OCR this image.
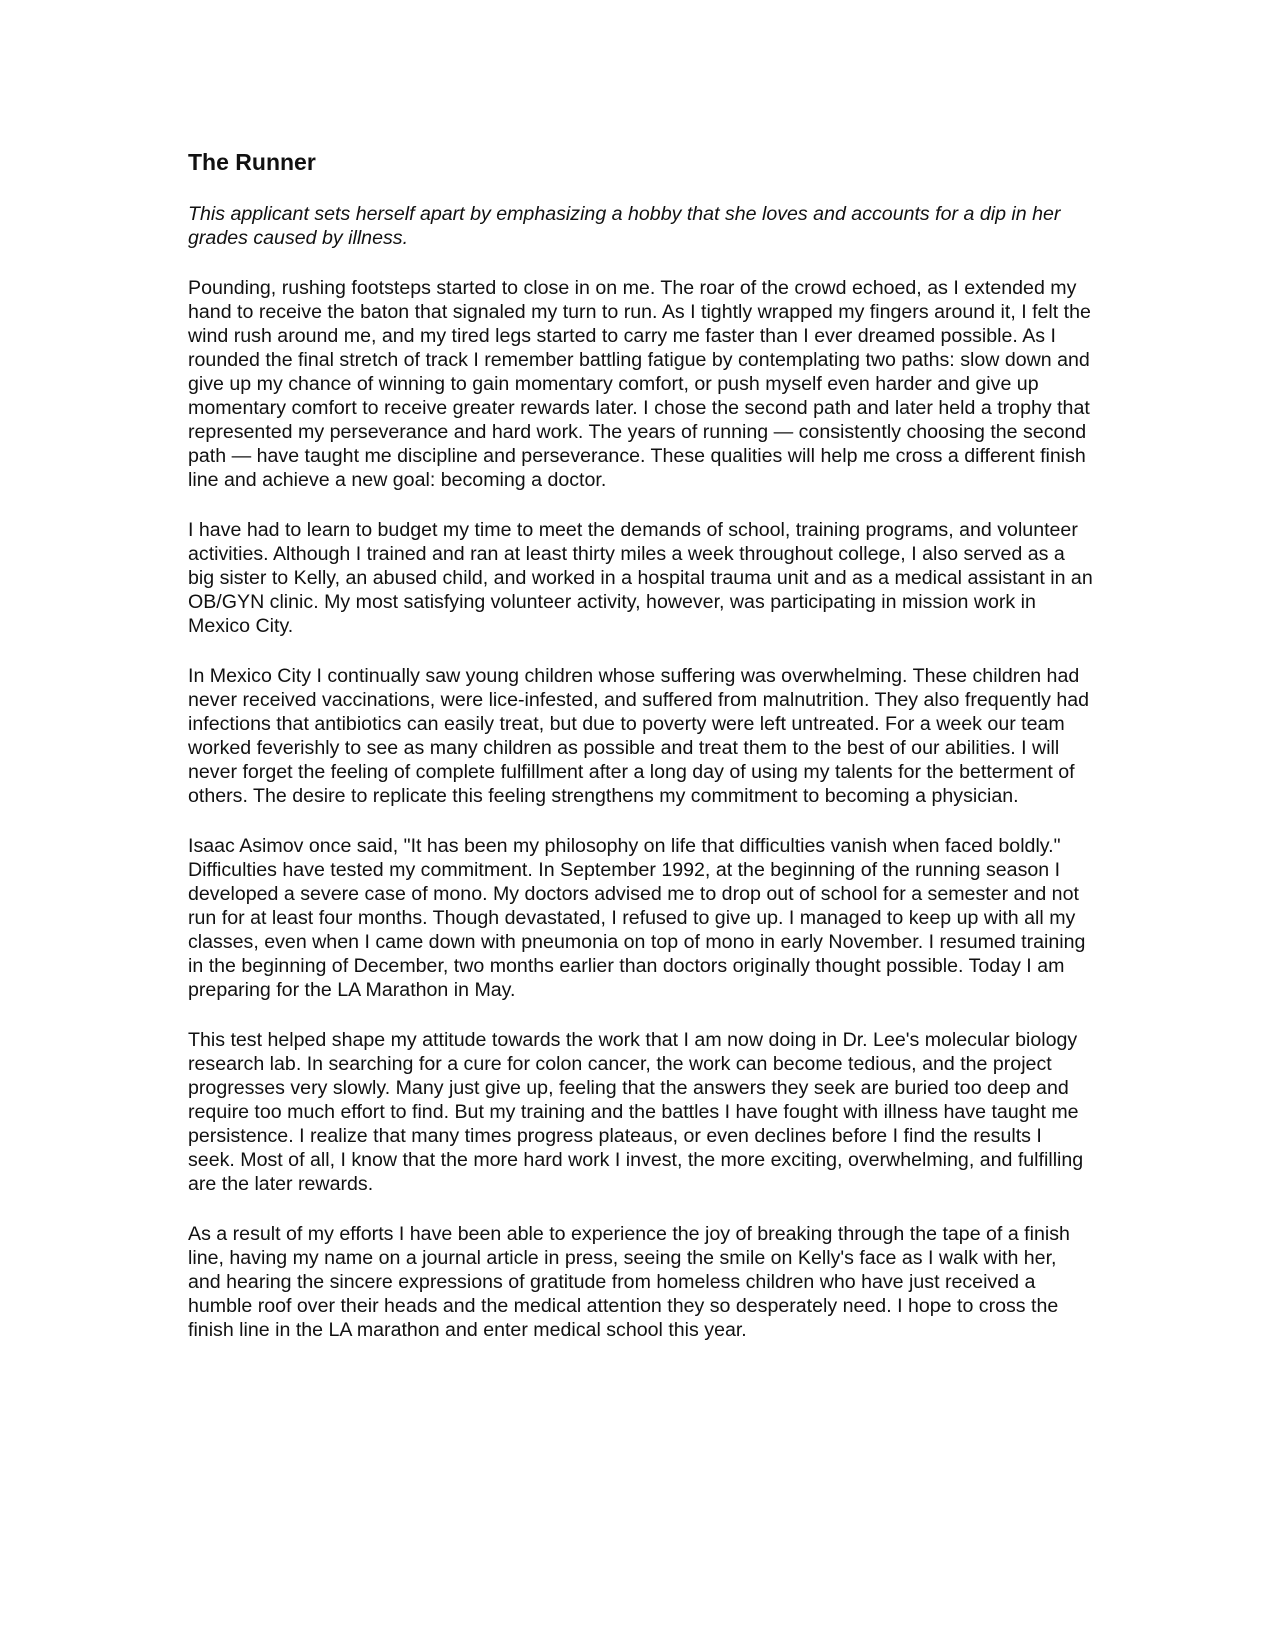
The Runner

This applicant sets herself apart by emphasizing a hobby that she loves and accounts for a dip in her grades caused by illness.

Pounding, rushing footsteps started to close in on me. The roar of the crowd echoed, as I extended my hand to receive the baton that signaled my turn to run. As I tightly wrapped my fingers around it, I felt the wind rush around me, and my tired legs started to carry me faster than I ever dreamed possible. As I rounded the final stretch of track I remember battling fatigue by contemplating two paths: slow down and give up my chance of winning to gain momentary comfort, or push myself even harder and give up momentary comfort to receive greater rewards later. I chose the second path and later held a trophy that represented my perseverance and hard work. The years of running — consistently choosing the second path — have taught me discipline and perseverance. These qualities will help me cross a different finish line and achieve a new goal: becoming a doctor.

I have had to learn to budget my time to meet the demands of school, training programs, and volunteer activities. Although I trained and ran at least thirty miles a week throughout college, I also served as a big sister to Kelly, an abused child, and worked in a hospital trauma unit and as a medical assistant in an OB/GYN clinic. My most satisfying volunteer activity, however, was participating in mission work in Mexico City.

In Mexico City I continually saw young children whose suffering was overwhelming. These children had never received vaccinations, were lice-infested, and suffered from malnutrition. They also frequently had infections that antibiotics can easily treat, but due to poverty were left untreated. For a week our team worked feverishly to see as many children as possible and treat them to the best of our abilities. I will never forget the feeling of complete fulfillment after a long day of using my talents for the betterment of others. The desire to replicate this feeling strengthens my commitment to becoming a physician.

Isaac Asimov once said, "It has been my philosophy on life that difficulties vanish when faced boldly." Difficulties have tested my commitment. In September 1992, at the beginning of the running season I developed a severe case of mono. My doctors advised me to drop out of school for a semester and not run for at least four months. Though devastated, I refused to give up. I managed to keep up with all my classes, even when I came down with pneumonia on top of mono in early November. I resumed training in the beginning of December, two months earlier than doctors originally thought possible. Today I am preparing for the LA Marathon in May.

This test helped shape my attitude towards the work that I am now doing in Dr. Lee's molecular biology research lab. In searching for a cure for colon cancer, the work can become tedious, and the project progresses very slowly. Many just give up, feeling that the answers they seek are buried too deep and require too much effort to find. But my training and the battles I have fought with illness have taught me persistence. I realize that many times progress plateaus, or even declines before I find the results I seek. Most of all, I know that the more hard work I invest, the more exciting, overwhelming, and fulfilling are the later rewards.

As a result of my efforts I have been able to experience the joy of breaking through the tape of a finish line, having my name on a journal article in press, seeing the smile on Kelly's face as I walk with her, and hearing the sincere expressions of gratitude from homeless children who have just received a humble roof over their heads and the medical attention they so desperately need. I hope to cross the finish line in the LA marathon and enter medical school this year.
